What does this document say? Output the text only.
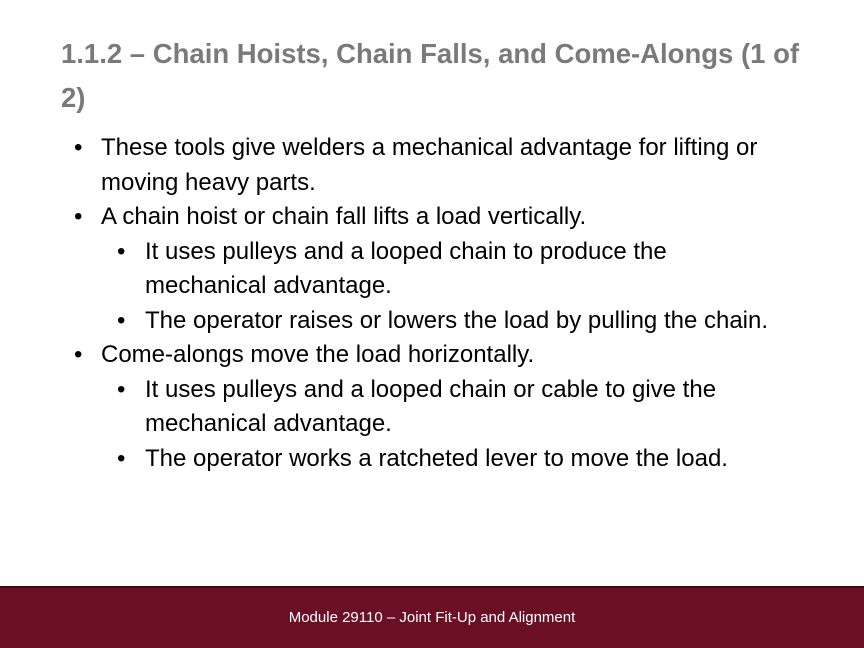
1.1.2 – Chain Hoists, Chain Falls, and Come-Alongs (1 of 2)
• These tools give welders a mechanical advantage for lifting or moving heavy parts.
• A chain hoist or chain fall lifts a load vertically.
• It uses pulleys and a looped chain to produce the mechanical advantage.
• The operator raises or lowers the load by pulling the chain.
• Come-alongs move the load horizontally.
• It uses pulleys and a looped chain or cable to give the mechanical advantage.
• The operator works a ratcheted lever to move the load.
Module 29110 – Joint Fit-Up and Alignment
